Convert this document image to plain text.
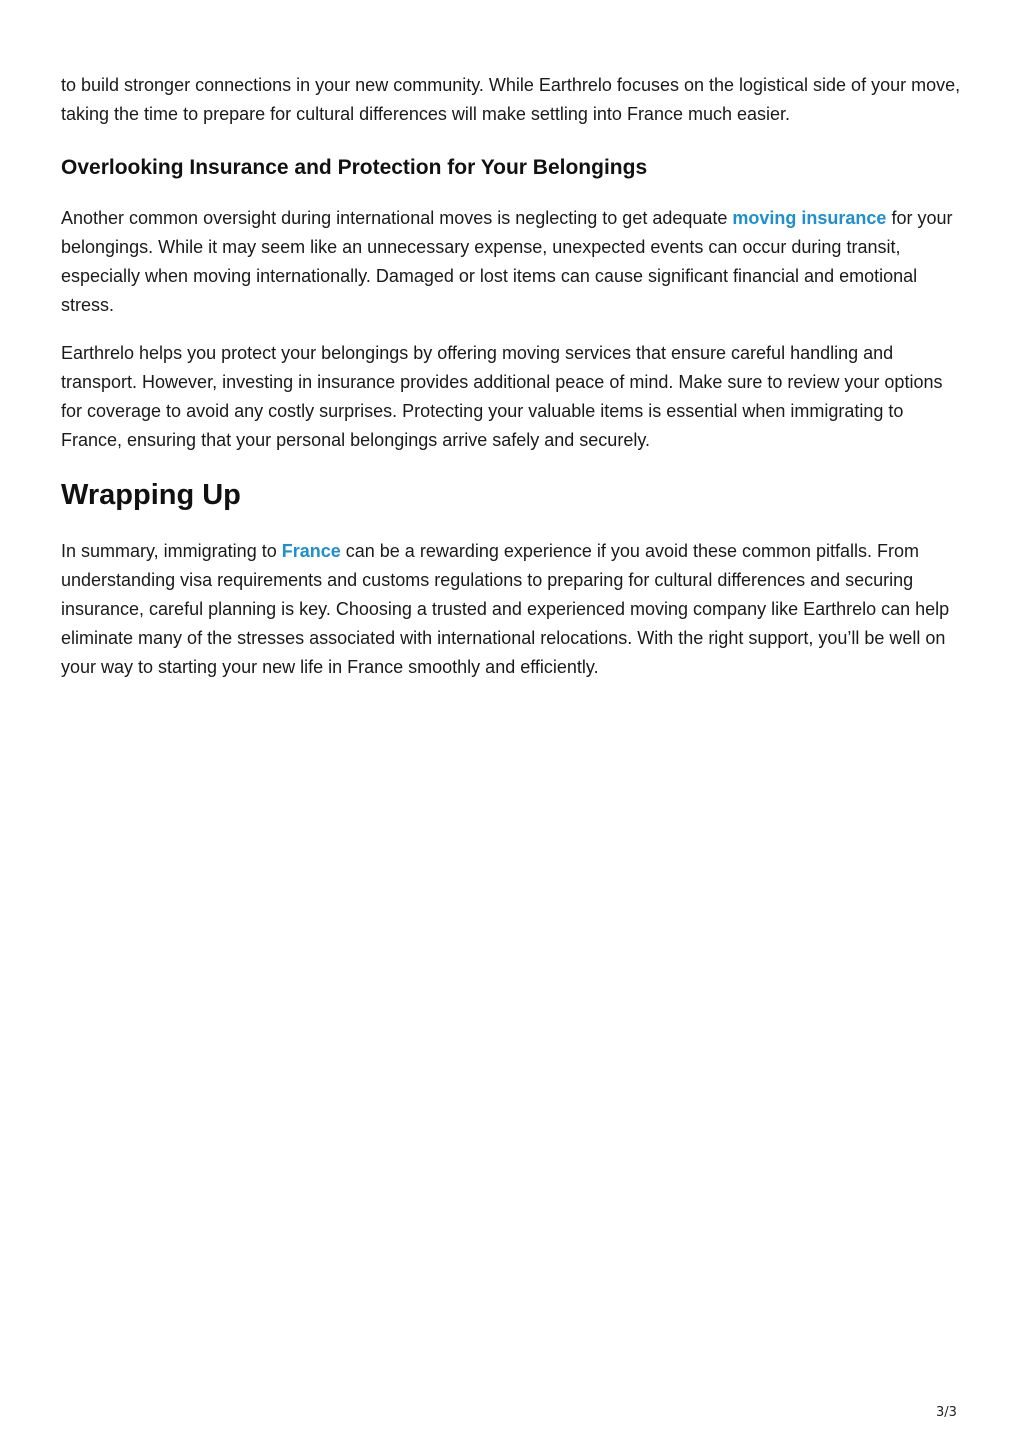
to build stronger connections in your new community. While Earthrelo focuses on the logistical side of your move, taking the time to prepare for cultural differences will make settling into France much easier.

Overlooking Insurance and Protection for Your Belongings

Another common oversight during international moves is neglecting to get adequate moving insurance for your belongings. While it may seem like an unnecessary expense, unexpected events can occur during transit, especially when moving internationally. Damaged or lost items can cause significant financial and emotional stress.

Earthrelo helps you protect your belongings by offering moving services that ensure careful handling and transport. However, investing in insurance provides additional peace of mind. Make sure to review your options for coverage to avoid any costly surprises. Protecting your valuable items is essential when immigrating to France, ensuring that your personal belongings arrive safely and securely.

Wrapping Up

In summary, immigrating to France can be a rewarding experience if you avoid these common pitfalls. From understanding visa requirements and customs regulations to preparing for cultural differences and securing insurance, careful planning is key. Choosing a trusted and experienced moving company like Earthrelo can help eliminate many of the stresses associated with international relocations. With the right support, you’ll be well on your way to starting your new life in France smoothly and efficiently.

3/3
